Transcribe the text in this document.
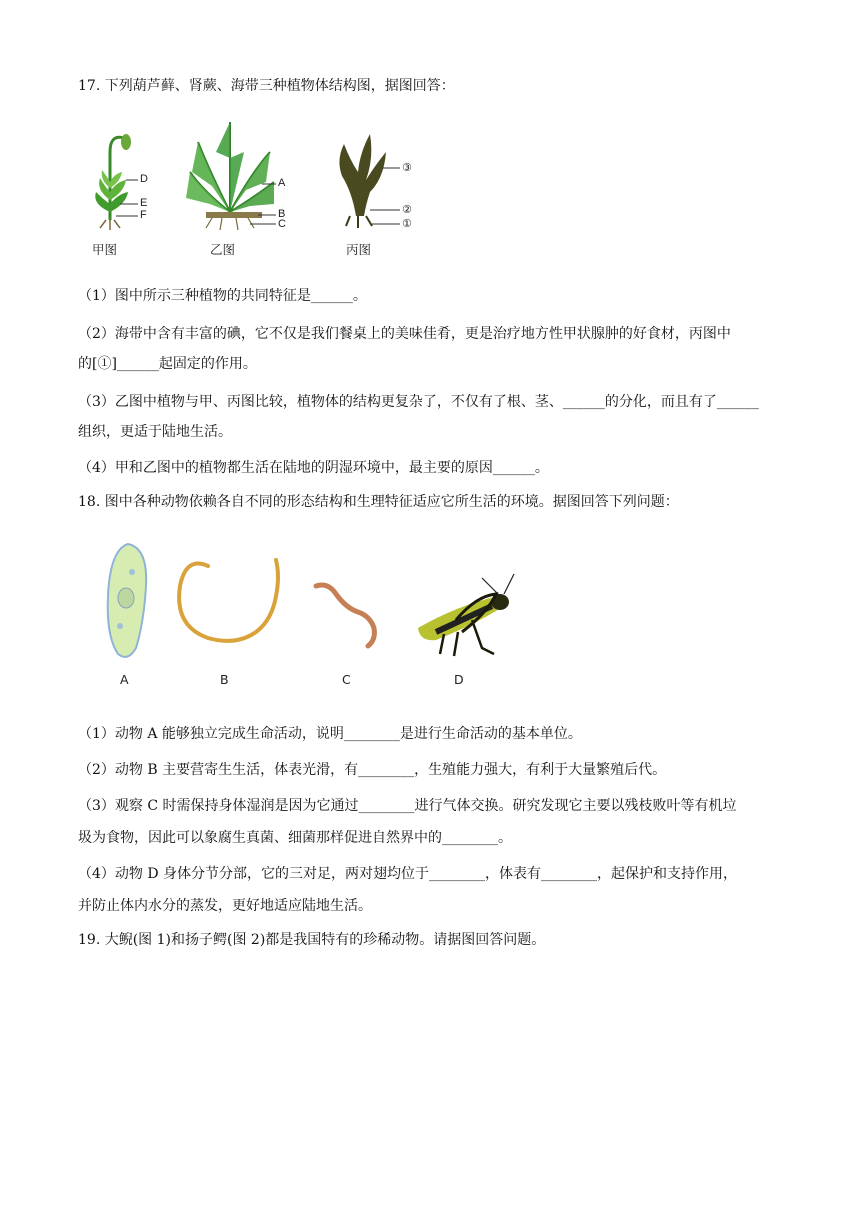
17. 下列葫芦藓、肾蕨、海带三种植物体结构图，据图回答：
D
E
F
A
B
C
③
②
①
甲图	乙图	丙图
（1）图中所示三种植物的共同特征是______。
（2）海带中含有丰富的碘，它不仅是我们餐桌上的美味佳肴，更是治疗地方性甲状腺肿的好食材，丙图中
的[①]______起固定的作用。
（3）乙图中植物与甲、丙图比较，植物体的结构更复杂了，不仅有了根、茎、______的分化，而且有了______
组织，更适于陆地生活。
（4）甲和乙图中的植物都生活在陆地的阴湿环境中，最主要的原因______。
18. 图中各种动物依赖各自不同的形态结构和生理特征适应它所生活的环境。据图回答下列问题：
A	B	C	D
（1）动物 A 能够独立完成生命活动，说明________是进行生命活动的基本单位。
（2）动物 B 主要营寄生生活，体表光滑，有________，生殖能力强大，有利于大量繁殖后代。
（3）观察 C 时需保持身体湿润是因为它通过________进行气体交换。研究发现它主要以残枝败叶等有机垃
圾为食物，因此可以象腐生真菌、细菌那样促进自然界中的________。
（4）动物 D 身体分节分部，它的三对足，两对翅均位于________，体表有________，起保护和支持作用，
并防止体内水分的蒸发，更好地适应陆地生活。
19. 大鲵(图 1)和扬子鳄(图 2)都是我国特有的珍稀动物。请据图回答问题。
